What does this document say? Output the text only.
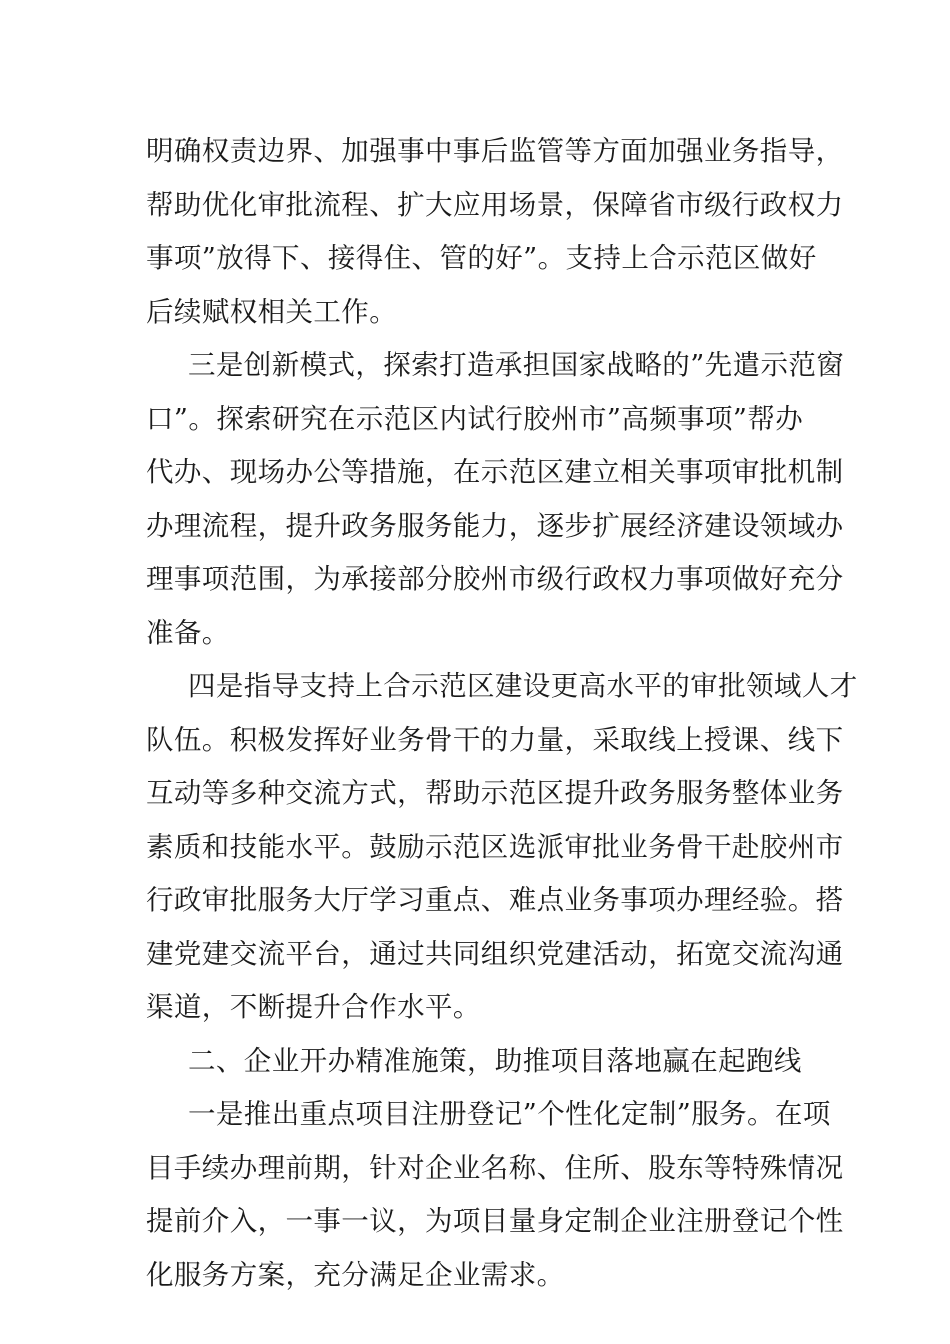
明确权责边界、加强事中事后监管等方面加强业务指导，
帮助优化审批流程、扩大应用场景，保障省市级行政权力
事项”放得下、接得住、管的好”。支持上合示范区做好
后续赋权相关工作。
三是创新模式，探索打造承担国家战略的”先遣示范窗
口”。探索研究在示范区内试行胶州市”高频事项”帮办
代办、现场办公等措施，在示范区建立相关事项审批机制
办理流程，提升政务服务能力，逐步扩展经济建设领域办
理事项范围，为承接部分胶州市级行政权力事项做好充分
准备。
四是指导支持上合示范区建设更高水平的审批领域人才
队伍。积极发挥好业务骨干的力量，采取线上授课、线下
互动等多种交流方式，帮助示范区提升政务服务整体业务
素质和技能水平。鼓励示范区选派审批业务骨干赴胶州市
行政审批服务大厅学习重点、难点业务事项办理经验。搭
建党建交流平台，通过共同组织党建活动，拓宽交流沟通
渠道，不断提升合作水平。
二、企业开办精准施策，助推项目落地赢在起跑线
一是推出重点项目注册登记”个性化定制”服务。在项
目手续办理前期，针对企业名称、住所、股东等特殊情况
提前介入，一事一议，为项目量身定制企业注册登记个性
化服务方案，充分满足企业需求。
